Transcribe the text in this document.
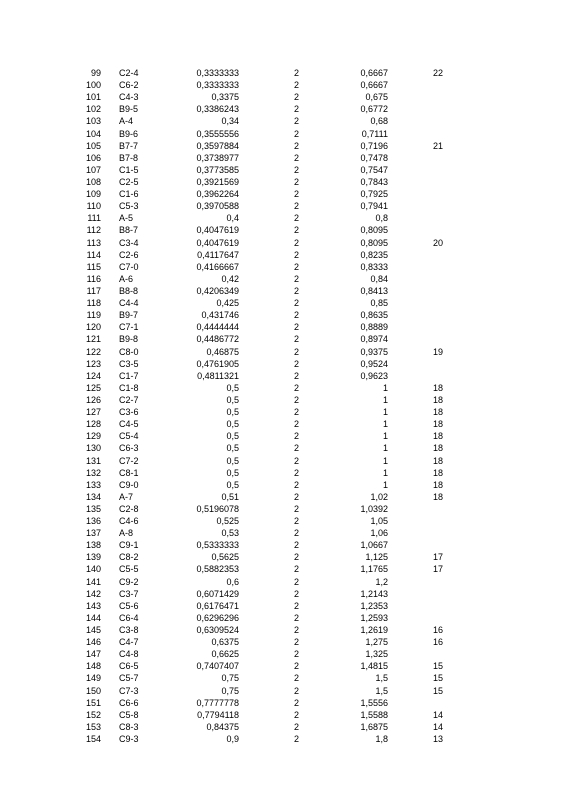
99 C2-4	0,3333333	2	0,6667	22
100 C6-2	0,3333333	2	0,6667
101 C4-3	0,3375	2	0,675
102 B9-5	0,3386243	2	0,6772
103 A-4	0,34	2	0,68
104 B9-6	0,3555556	2	0,7111
105 B7-7	0,3597884	2	0,7196	21
106 B7-8	0,3738977	2	0,7478
107 C1-5	0,3773585	2	0,7547
108 C2-5	0,3921569	2	0,7843
109 C1-6	0,3962264	2	0,7925
110 C5-3	0,3970588	2	0,7941
111 A-5	0,4	2	0,8
112 B8-7	0,4047619	2	0,8095
113 C3-4	0,4047619	2	0,8095	20
114 C2-6	0,4117647	2	0,8235
115 C7-0	0,4166667	2	0,8333
116 A-6	0,42	2	0,84
117 B8-8	0,4206349	2	0,8413
118 C4-4	0,425	2	0,85
119 B9-7	0,431746	2	0,8635
120 C7-1	0,4444444	2	0,8889
121 B9-8	0,4486772	2	0,8974
122 C8-0	0,46875	2	0,9375	19
123 C3-5	0,4761905	2	0,9524
124 C1-7	0,4811321	2	0,9623
125 C1-8	0,5	2	1	18
126 C2-7	0,5	2	1	18
127 C3-6	0,5	2	1	18
128 C4-5	0,5	2	1	18
129 C5-4	0,5	2	1	18
130 C6-3	0,5	2	1	18
131 C7-2	0,5	2	1	18
132 C8-1	0,5	2	1	18
133 C9-0	0,5	2	1	18
134 A-7	0,51	2	1,02	18
135 C2-8	0,5196078	2	1,0392
136 C4-6	0,525	2	1,05
137 A-8	0,53	2	1,06
138 C9-1	0,5333333	2	1,0667
139 C8-2	0,5625	2	1,125	17
140 C5-5	0,5882353	2	1,1765	17
141 C9-2	0,6	2	1,2
142 C3-7	0,6071429	2	1,2143
143 C5-6	0,6176471	2	1,2353
144 C6-4	0,6296296	2	1,2593
145 C3-8	0,6309524	2	1,2619	16
146 C4-7	0,6375	2	1,275	16
147 C4-8	0,6625	2	1,325
148 C6-5	0,7407407	2	1,4815	15
149 C5-7	0,75	2	1,5	15
150 C7-3	0,75	2	1,5	15
151 C6-6	0,7777778	2	1,5556
152 C5-8	0,7794118	2	1,5588	14
153 C8-3	0,84375	2	1,6875	14
154 C9-3	0,9	2	1,8	13
